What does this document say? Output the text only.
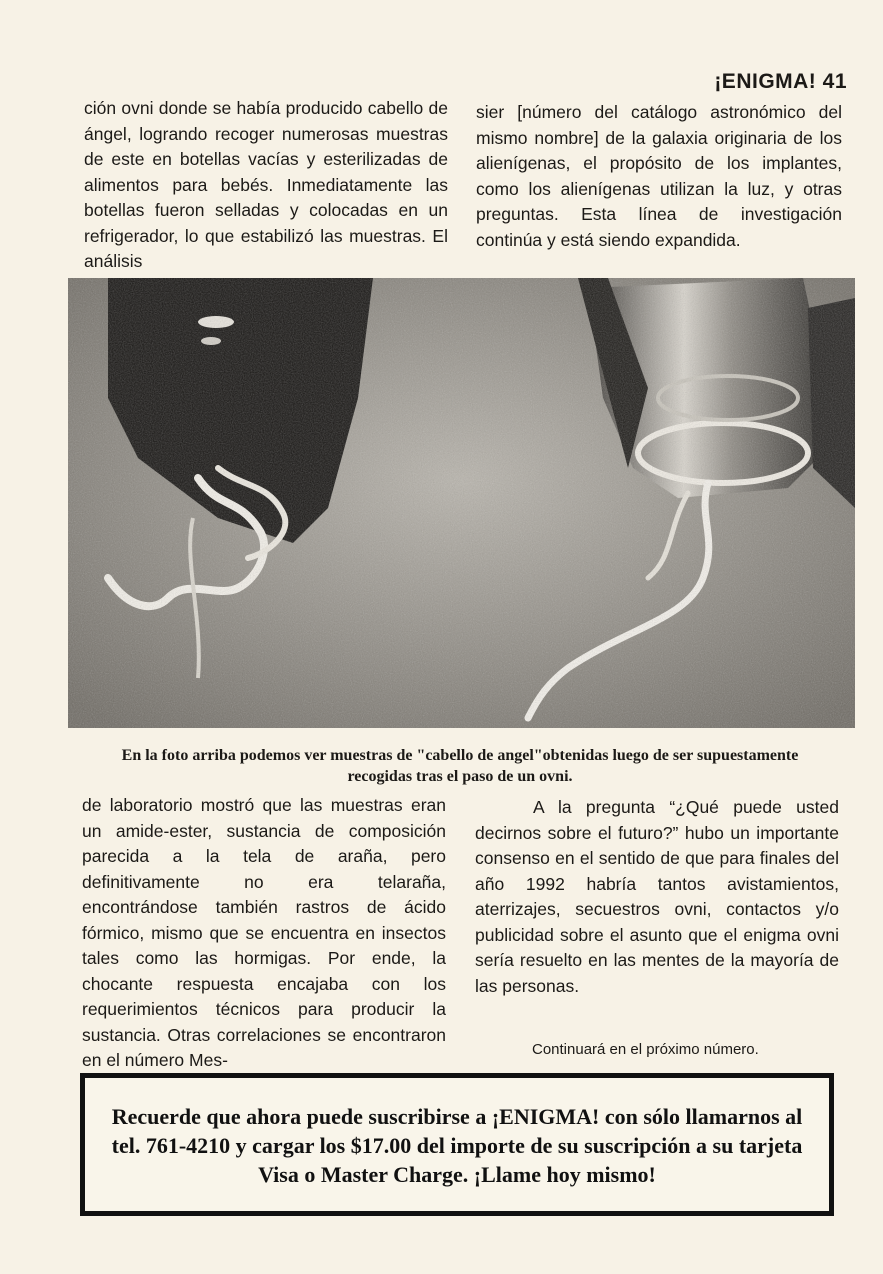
¡ENIGMA! 41

ción ovni donde se había producido cabello de ángel, logrando recoger numerosas muestras de este en botellas vacías y esterilizadas de alimentos para bebés. Inmediatamente las botellas fueron selladas y colocadas en un refrigerador, lo que estabilizó las muestras. El análisis

sier [número del catálogo astronómico del mismo nombre] de la galaxia originaria de los alienígenas, el propósito de los implantes, como los alienígenas utilizan la luz, y otras preguntas. Esta línea de investigación continúa y está siendo expandida.

En la foto arriba podemos ver muestras de "cabello de angel"obtenidas luego de ser supuestamente recogidas tras el paso de un ovni.

de laboratorio mostró que las muestras eran un amide-ester, sustancia de composición parecida a la tela de araña, pero definitivamente no era telaraña, encontrándose también rastros de ácido fórmico, mismo que se encuentra en insectos tales como las hormigas. Por ende, la chocante respuesta encajaba con los requerimientos técnicos para producir la sustancia. Otras correlaciones se encontraron en el número Mes-

A la pregunta “¿Qué puede usted decirnos sobre el futuro?” hubo un importante consenso en el sentido de que para finales del año 1992 habría tantos avistamientos, aterrizajes, secuestros ovni, contactos y/o publicidad sobre el asunto que el enigma ovni sería resuelto en las mentes de la mayoría de las personas.

Continuará en el próximo número.
Recuerde que ahora puede suscribirse a ¡ENIGMA! con sólo llamarnos al tel. 761-4210 y cargar los $17.00 del importe de su suscripción a su tarjeta Visa o Master Charge. ¡Llame hoy mismo!
